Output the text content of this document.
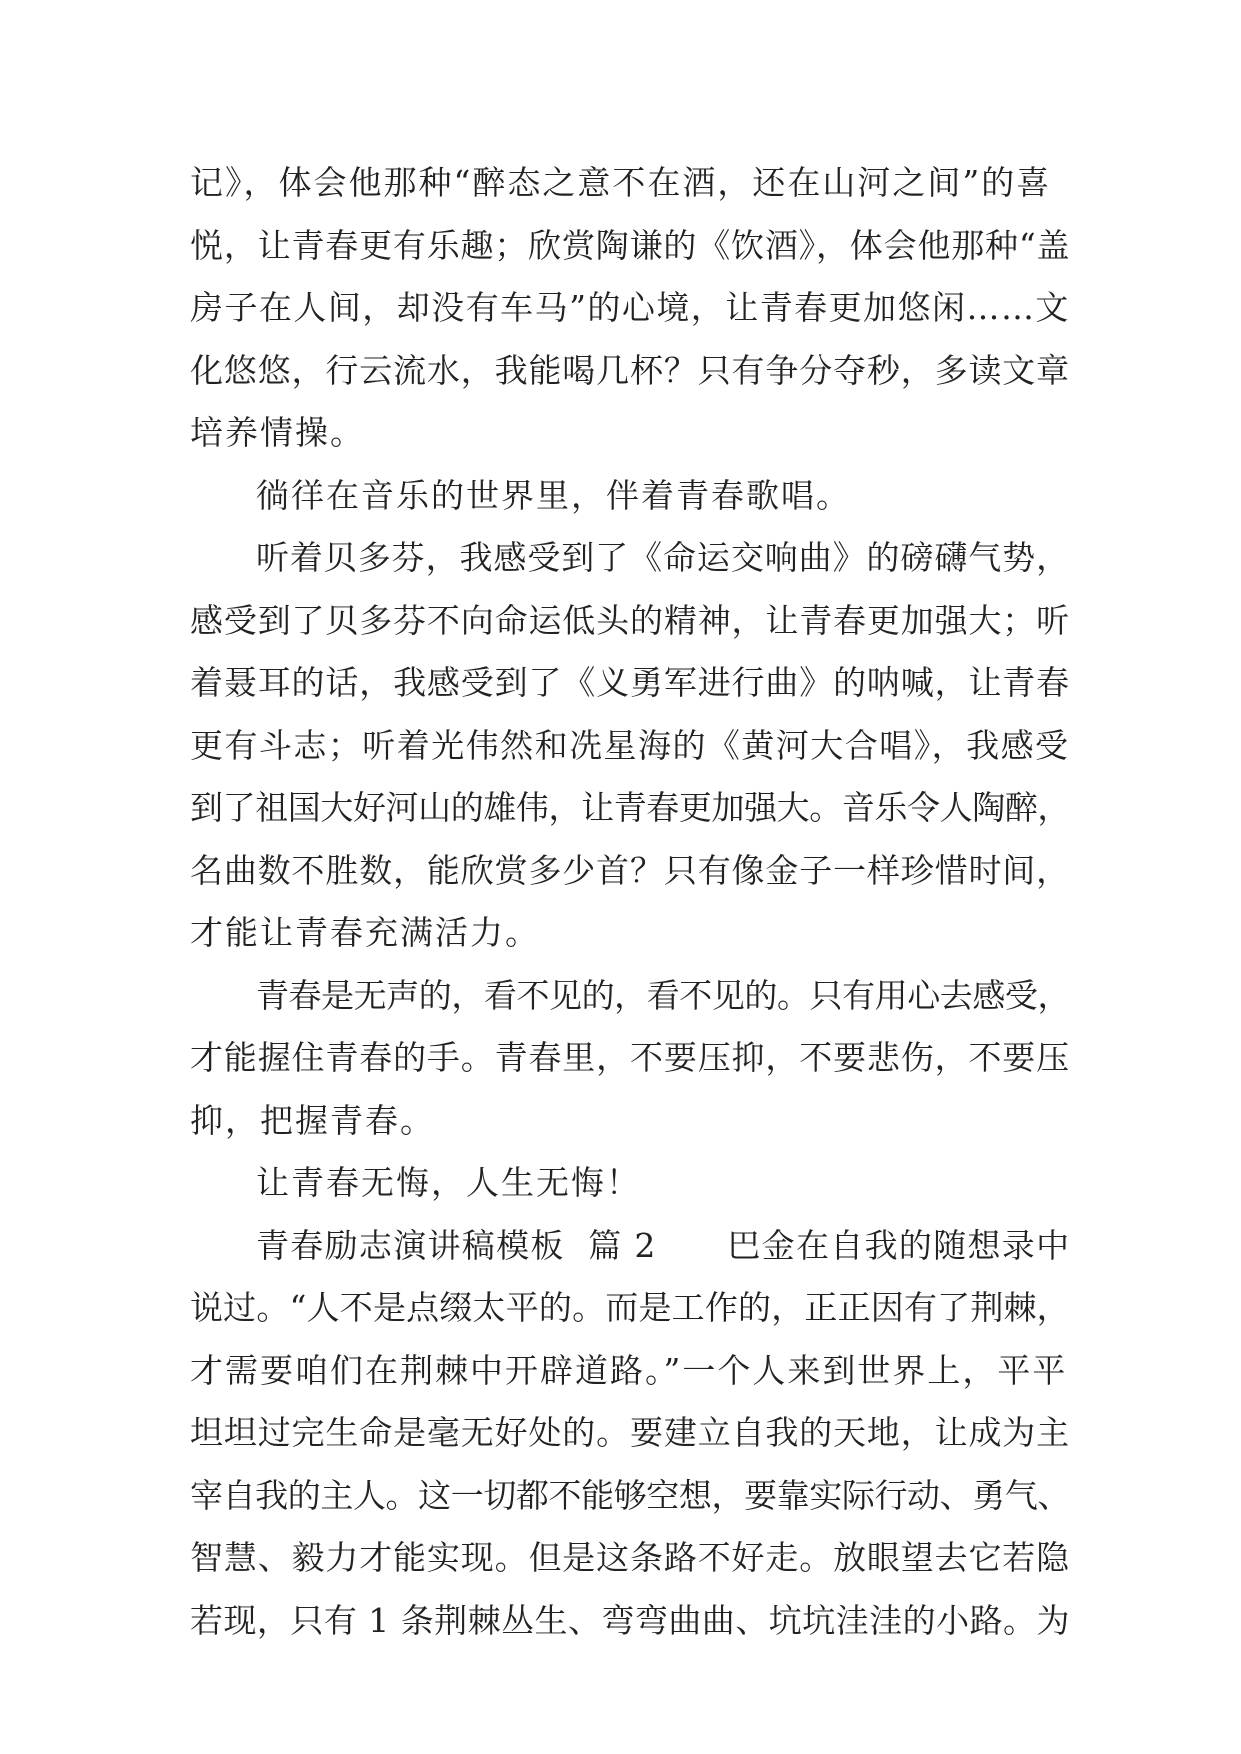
记》，体会他那种“醉态之意不在酒，还在山河之间”的喜
悦，让青春更有乐趣；欣赏陶谦的《饮酒》，体会他那种“盖
房子在人间，却没有车马”的心境，让青春更加悠闲……文
化悠悠，行云流水，我能喝几杯？只有争分夺秒，多读文章
培养情操。
徜徉在音乐的世界里，伴着青春歌唱。
听着贝多芬，我感受到了《命运交响曲》的磅礴气势，
感受到了贝多芬不向命运低头的精神，让青春更加强大；听
着聂耳的话，我感受到了《义勇军进行曲》的呐喊，让青春
更有斗志；听着光伟然和冼星海的《黄河大合唱》，我感受
到了祖国大好河山的雄伟，让青春更加强大。音乐令人陶醉，
名曲数不胜数，能欣赏多少首？只有像金子一样珍惜时间，
才能让青春充满活力。
青春是无声的，看不见的，看不见的。只有用心去感受，
才能握住青春的手。青春里，不要压抑，不要悲伤，不要压
抑，把握青春。
让青春无悔，人生无悔！
青春励志演讲稿模板  篇 2      巴金在自我的随想录中
说过。“人不是点缀太平的。而是工作的，正正因有了荆棘，
才需要咱们在荆棘中开辟道路。”一个人来到世界上，平平
坦坦过完生命是毫无好处的。要建立自我的天地，让成为主
宰自我的主人。这一切都不能够空想，要靠实际行动、勇气、
智慧、毅力才能实现。但是这条路不好走。放眼望去它若隐
若现，只有 1 条荆棘丛生、弯弯曲曲、坑坑洼洼的小路。为
